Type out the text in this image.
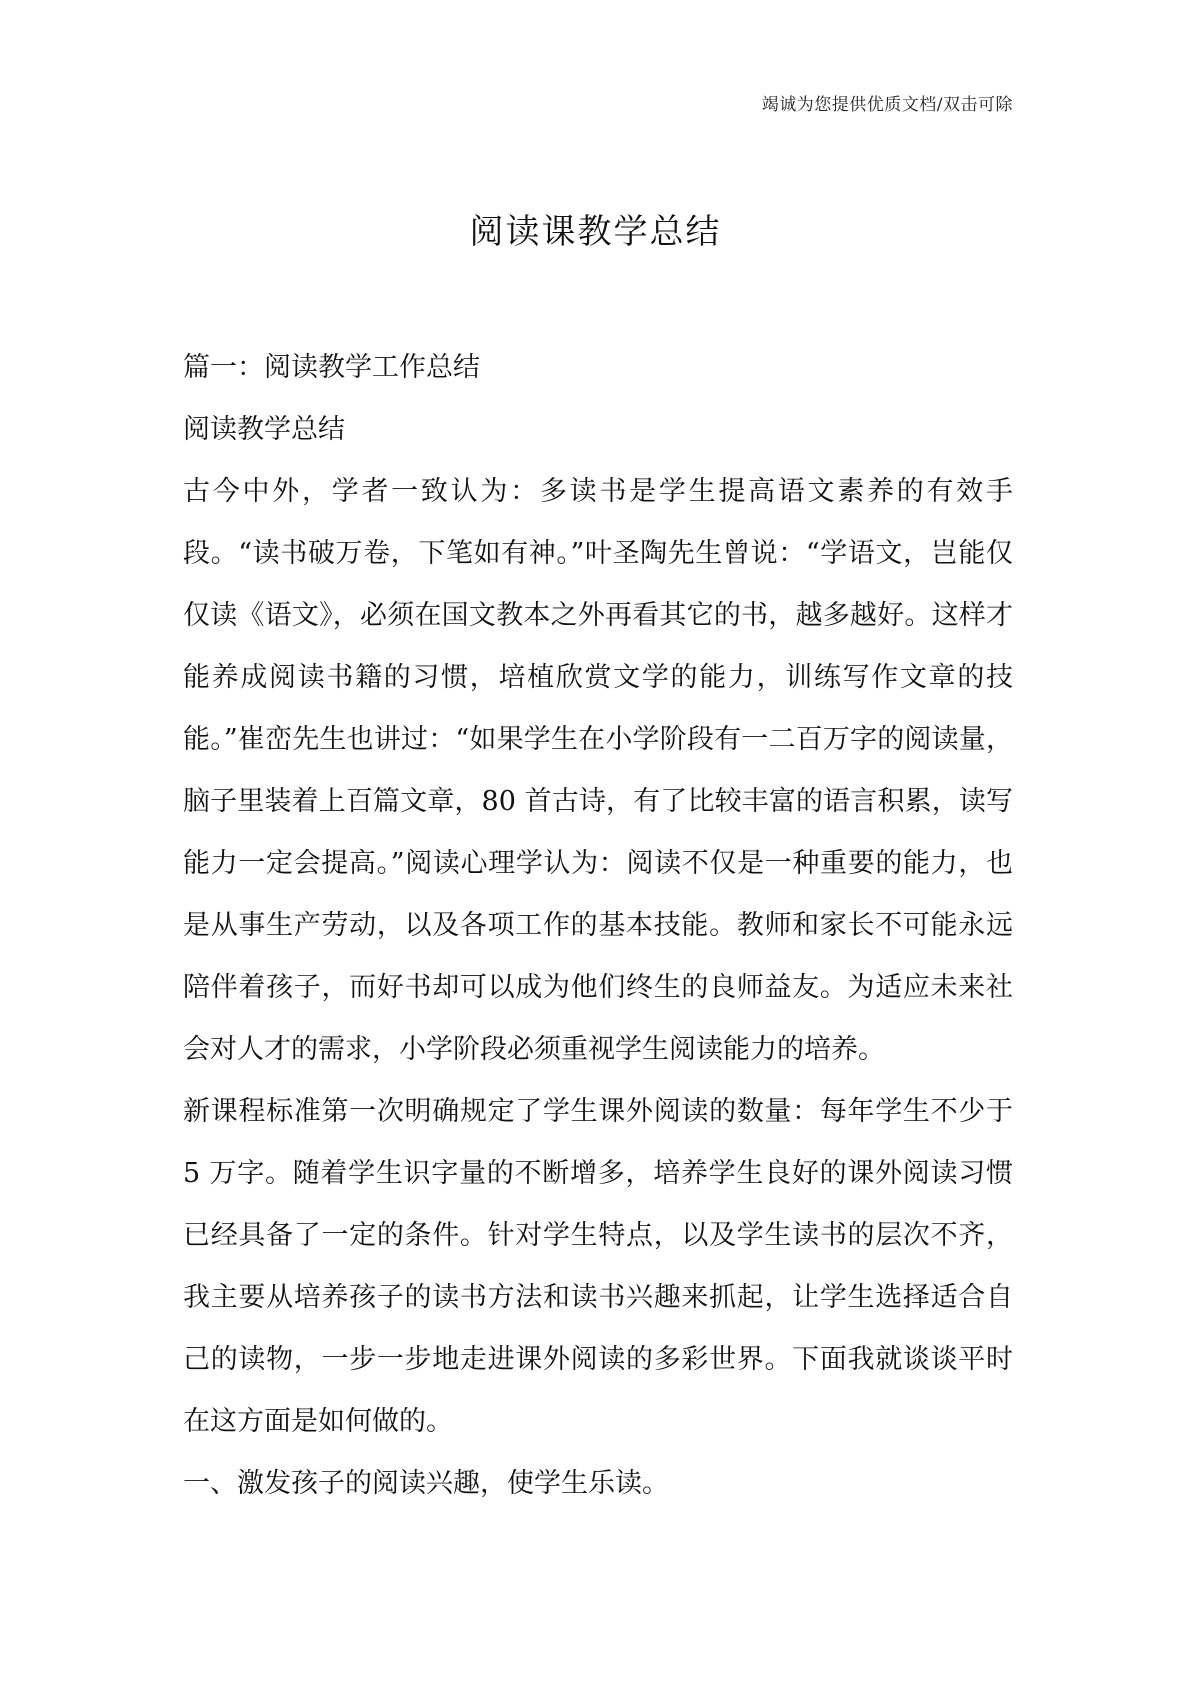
竭诚为您提供优质文档/双击可除
阅读课教学总结

篇一：阅读教学工作总结

阅读教学总结

古今中外，学者一致认为：多读书是学生提高语文素养的有效手段。“读书破万卷，下笔如有神。”叶圣陶先生曾说：“学语文，岂能仅仅读《语文》，必须在国文教本之外再看其它的书，越多越好。这样才能养成阅读书籍的习惯，培植欣赏文学的能力，训练写作文章的技能。”崔峦先生也讲过：“如果学生在小学阶段有一二百万字的阅读量，脑子里装着上百篇文章，80 首古诗，有了比较丰富的语言积累，读写能力一定会提高。”阅读心理学认为：阅读不仅是一种重要的能力，也是从事生产劳动，以及各项工作的基本技能。教师和家长不可能永远陪伴着孩子，而好书却可以成为他们终生的良师益友。为适应未来社会对人才的需求，小学阶段必须重视学生阅读能力的培养。

新课程标准第一次明确规定了学生课外阅读的数量：每年学生不少于 5 万字。随着学生识字量的不断增多，培养学生良好的课外阅读习惯已经具备了一定的条件。针对学生特点，以及学生读书的层次不齐，我主要从培养孩子的读书方法和读书兴趣来抓起，让学生选择适合自己的读物，一步一步地走进课外阅读的多彩世界。下面我就谈谈平时在这方面是如何做的。

一、激发孩子的阅读兴趣，使学生乐读。
